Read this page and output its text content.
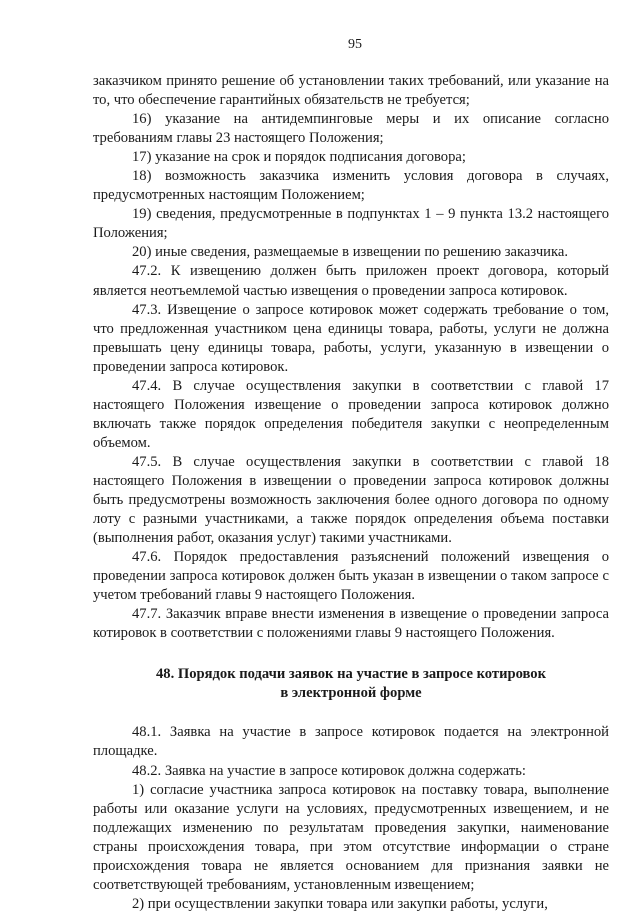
95

заказчиком принято решение об установлении таких требований, или указание на то, что обеспечение гарантийных обязательств не требуется;

16) указание на антидемпинговые меры и их описание согласно требованиям главы 23 настоящего Положения;

17) указание на срок и порядок подписания договора;

18) возможность заказчика изменить условия договора в случаях, предусмотренных настоящим Положением;

19) сведения, предусмотренные в подпунктах 1 – 9 пункта 13.2 настоящего Положения;

20) иные сведения, размещаемые в извещении по решению заказчика.

47.2. К извещению должен быть приложен проект договора, который является неотъемлемой частью извещения о проведении запроса котировок.

47.3. Извещение о запросе котировок может содержать требование о том, что предложенная участником цена единицы товара, работы, услуги не должна превышать цену единицы товара, работы, услуги, указанную в извещении о проведении запроса котировок.

47.4. В случае осуществления закупки в соответствии с главой 17 настоящего Положения извещение о проведении запроса котировок должно включать также порядок определения победителя закупки с неопределенным объемом.

47.5. В случае осуществления закупки в соответствии с главой 18 настоящего Положения в извещении о проведении запроса котировок должны быть предусмотрены возможность заключения более одного договора по одному лоту с разными участниками, а также порядок определения объема поставки (выполнения работ, оказания услуг) такими участниками.

47.6. Порядок предоставления разъяснений положений извещения о проведении запроса котировок должен быть указан в извещении о таком запросе с учетом требований главы 9 настоящего Положения.

47.7. Заказчик вправе внести изменения в извещение о проведении запроса котировок в соответствии с положениями главы 9 настоящего Положения.

48. Порядок подачи заявок на участие в запросе котировок
в электронной форме

48.1. Заявка на участие в запросе котировок подается на электронной площадке.

48.2. Заявка на участие в запросе котировок должна содержать:

1) согласие участника запроса котировок на поставку товара, выполнение работы или оказание услуги на условиях, предусмотренных извещением, и не подлежащих изменению по результатам проведения закупки, наименование страны происхождения товара, при этом отсутствие информации о стране происхождения товара не является основанием для признания заявки не соответствующей требованиям, установленным извещением;

2) при осуществлении закупки товара или закупки работы, услуги,
